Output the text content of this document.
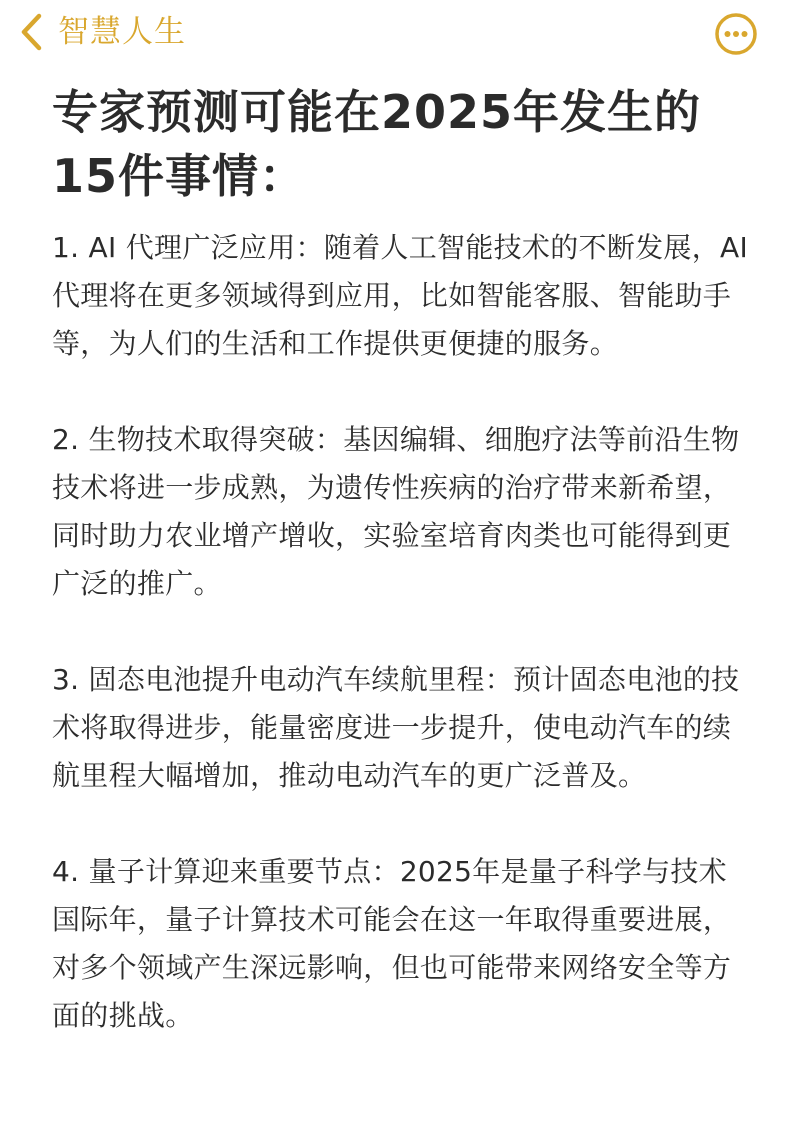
智慧人生
专家预测可能在2025年发生的15件事情：

1. AI 代理广泛应用：随着人工智能技术的不断发展，AI 代理将在更多领域得到应用，比如智能客服、智能助手等，为人们的生活和工作提供更便捷的服务。

2. 生物技术取得突破：基因编辑、细胞疗法等前沿生物技术将进一步成熟，为遗传性疾病的治疗带来新希望，同时助力农业增产增收，实验室培育肉类也可能得到更广泛的推广。

3. 固态电池提升电动汽车续航里程：预计固态电池的技术将取得进步，能量密度进一步提升，使电动汽车的续航里程大幅增加，推动电动汽车的更广泛普及。

4. 量子计算迎来重要节点：2025年是量子科学与技术国际年，量子计算技术可能会在这一年取得重要进展，对多个领域产生深远影响，但也可能带来网络安全等方面的挑战。
